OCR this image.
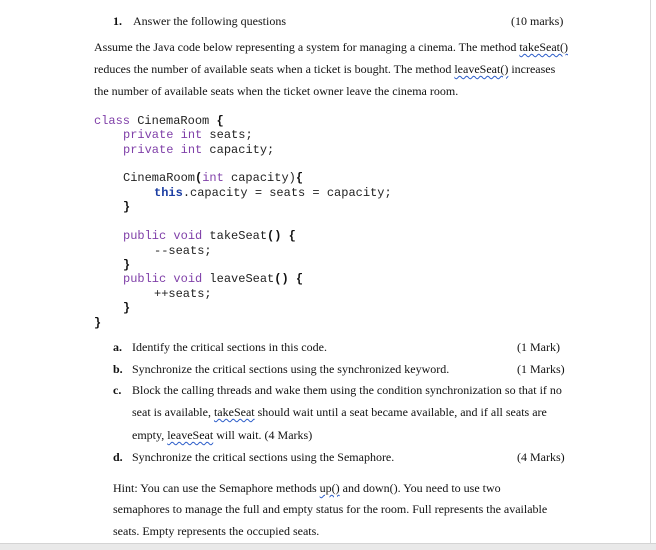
1. Answer the following questions	(10 marks)
Assume the Java code below representing a system for managing a cinema. The method takeSeat()
reduces the number of available seats when a ticket is bought. The method leaveSeat() increases
the number of available seats when the ticket owner leave the cinema room.
class CinemaRoom {
private int seats;
private int capacity;
CinemaRoom(int capacity){
this.capacity = seats = capacity;
}
public void takeSeat() {
--seats;
}
public void leaveSeat() {
++seats;
}
}
a. Identify the critical sections in this code.	(1 Mark)
b. Synchronize the critical sections using the synchronized keyword.	(1 Marks)
c. Block the calling threads and wake them using the condition synchronization so that if no
seat is available, takeSeat should wait until a seat became available, and if all seats are
empty, leaveSeat will wait. (4 Marks)
d. Synchronize the critical sections using the Semaphore.	(4 Marks)
Hint: You can use the Semaphore methods up() and down(). You need to use two
semaphores to manage the full and empty status for the room. Full represents the available
seats. Empty represents the occupied seats.
